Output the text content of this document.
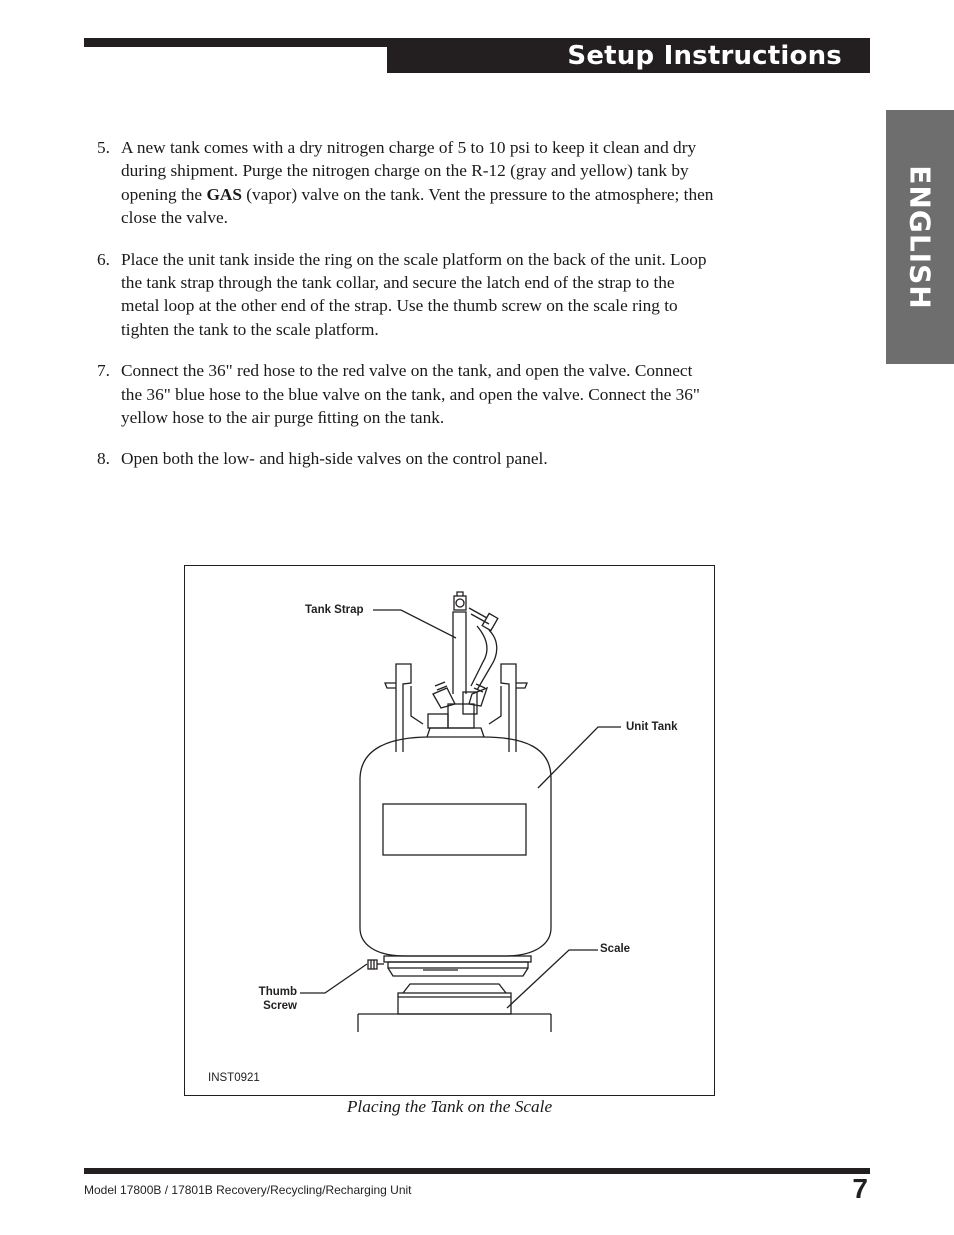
Setup Instructions
ENGLISH
5. A new tank comes with a dry nitrogen charge of 5 to 10 psi to keep it clean and dry during shipment. Purge the nitrogen charge on the R-12 (gray and yellow) tank by opening the GAS (vapor) valve on the tank. Vent the pressure to the atmosphere; then close the valve.
6. Place the unit tank inside the ring on the scale platform on the back of the unit. Loop the tank strap through the tank collar, and secure the latch end of the strap to the metal loop at the other end of the strap. Use the thumb screw on the scale ring to tighten the tank to the scale platform.
7. Connect the 36" red hose to the red valve on the tank, and open the valve. Connect the 36" blue hose to the blue valve on the tank, and open the valve. Connect the 36" yellow hose to the air purge ﬁtting on the tank.
8. Open both the low- and high-side valves on the control panel.
Tank Strap
Unit Tank
Scale
Thumb
Screw
INST0921
Placing the Tank on the Scale
Model 17800B / 17801B Recovery/Recycling/Recharging Unit	7
